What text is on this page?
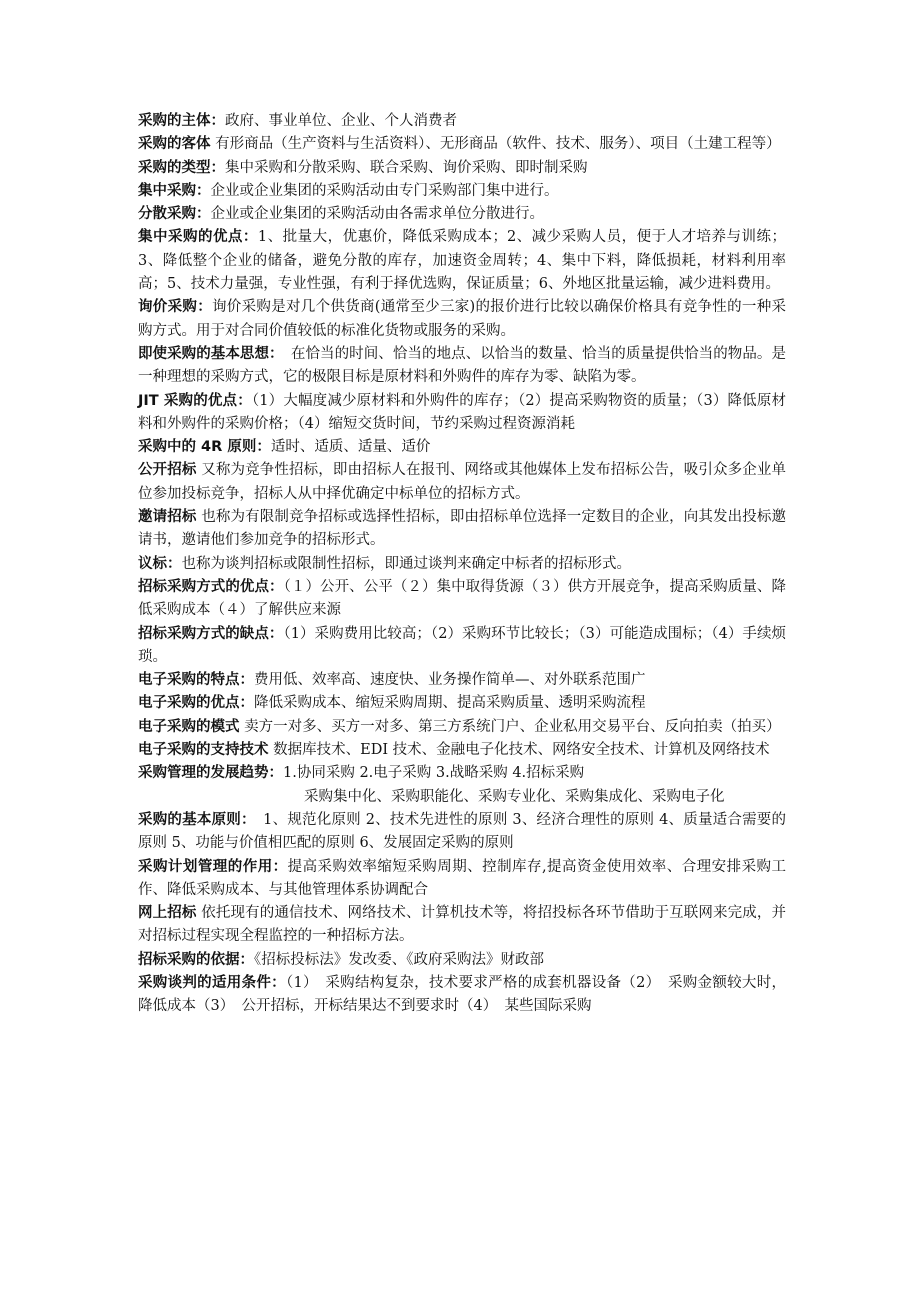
采购的主体：政府、事业单位、企业、个人消费者

采购的客体 有形商品（生产资料与生活资料）、无形商品（软件、技术、服务）、项目（土建工程等）

采购的类型：集中采购和分散采购、联合采购、询价采购、即时制采购

集中采购：企业或企业集团的采购活动由专门采购部门集中进行。

分散采购：企业或企业集团的采购活动由各需求单位分散进行。

集中采购的优点：1、批量大，优惠价，降低采购成本；2、减少采购人员，便于人才培养与训练；3、降低整个企业的储备，避免分散的库存，加速资金周转；4、集中下料，降低损耗，材料利用率高；5、技术力量强，专业性强，有利于择优选购，保证质量；6、外地区批量运输，减少进料费用。

询价采购：询价采购是对几个供货商(通常至少三家)的报价进行比较以确保价格具有竞争性的一种采购方式。用于对合同价值较低的标准化货物或服务的采购。

即使采购的基本思想：　在恰当的时间、恰当的地点、以恰当的数量、恰当的质量提供恰当的物品。是一种理想的采购方式，它的极限目标是原材料和外购件的库存为零、缺陷为零。

JIT 采购的优点：（1）大幅度减少原材料和外购件的库存；（2）提高采购物资的质量；（3）降低原材料和外购件的采购价格；（4）缩短交货时间，节约采购过程资源消耗

采购中的 4R 原则：适时、适质、适量、适价

公开招标 又称为竞争性招标，即由招标人在报刊、网络或其他媒体上发布招标公告，吸引众多企业单位参加投标竞争，招标人从中择优确定中标单位的招标方式。

邀请招标 也称为有限制竞争招标或选择性招标，即由招标单位选择一定数目的企业，向其发出投标邀请书，邀请他们参加竞争的招标形式。

议标：也称为谈判招标或限制性招标，即通过谈判来确定中标者的招标形式。

招标采购方式的优点：（１）公开、公平（２）集中取得货源（３）供方开展竞争，提高采购质量、降低采购成本（４）了解供应来源

招标采购方式的缺点：（1）采购费用比较高；（2）采购环节比较长；（3）可能造成围标；（4）手续烦琐。

电子采购的特点：费用低、效率高、速度快、业务操作简单—、对外联系范围广

电子采购的优点：降低采购成本、缩短采购周期、提高采购质量、透明采购流程

电子采购的模式 卖方一对多、买方一对多、第三方系统门户、企业私用交易平台、反向拍卖（拍买）

电子采购的支持技术 数据库技术、EDI 技术、金融电子化技术、网络安全技术、计算机及网络技术

采购管理的发展趋势：1.协同采购 2.电子采购 3.战略采购 4.招标采购

采购集中化、采购职能化、采购专业化、采购集成化、采购电子化

采购的基本原则：　1、规范化原则 2、技术先进性的原则 3、经济合理性的原则 4、质量适合需要的原则 5、功能与价值相匹配的原则 6、发展固定采购的原则

采购计划管理的作用：提高采购效率缩短采购周期、控制库存,提高资金使用效率、合理安排采购工作、降低采购成本、与其他管理体系协调配合

网上招标 依托现有的通信技术、网络技术、计算机技术等，将招投标各环节借助于互联网来完成，并对招标过程实现全程监控的一种招标方法。

招标采购的依据：《招标投标法》发改委、《政府采购法》财政部

采购谈判的适用条件：（1）　采购结构复杂，技术要求严格的成套机器设备（2）　采购金额较大时，降低成本（3）　公开招标，开标结果达不到要求时（4）　某些国际采购
